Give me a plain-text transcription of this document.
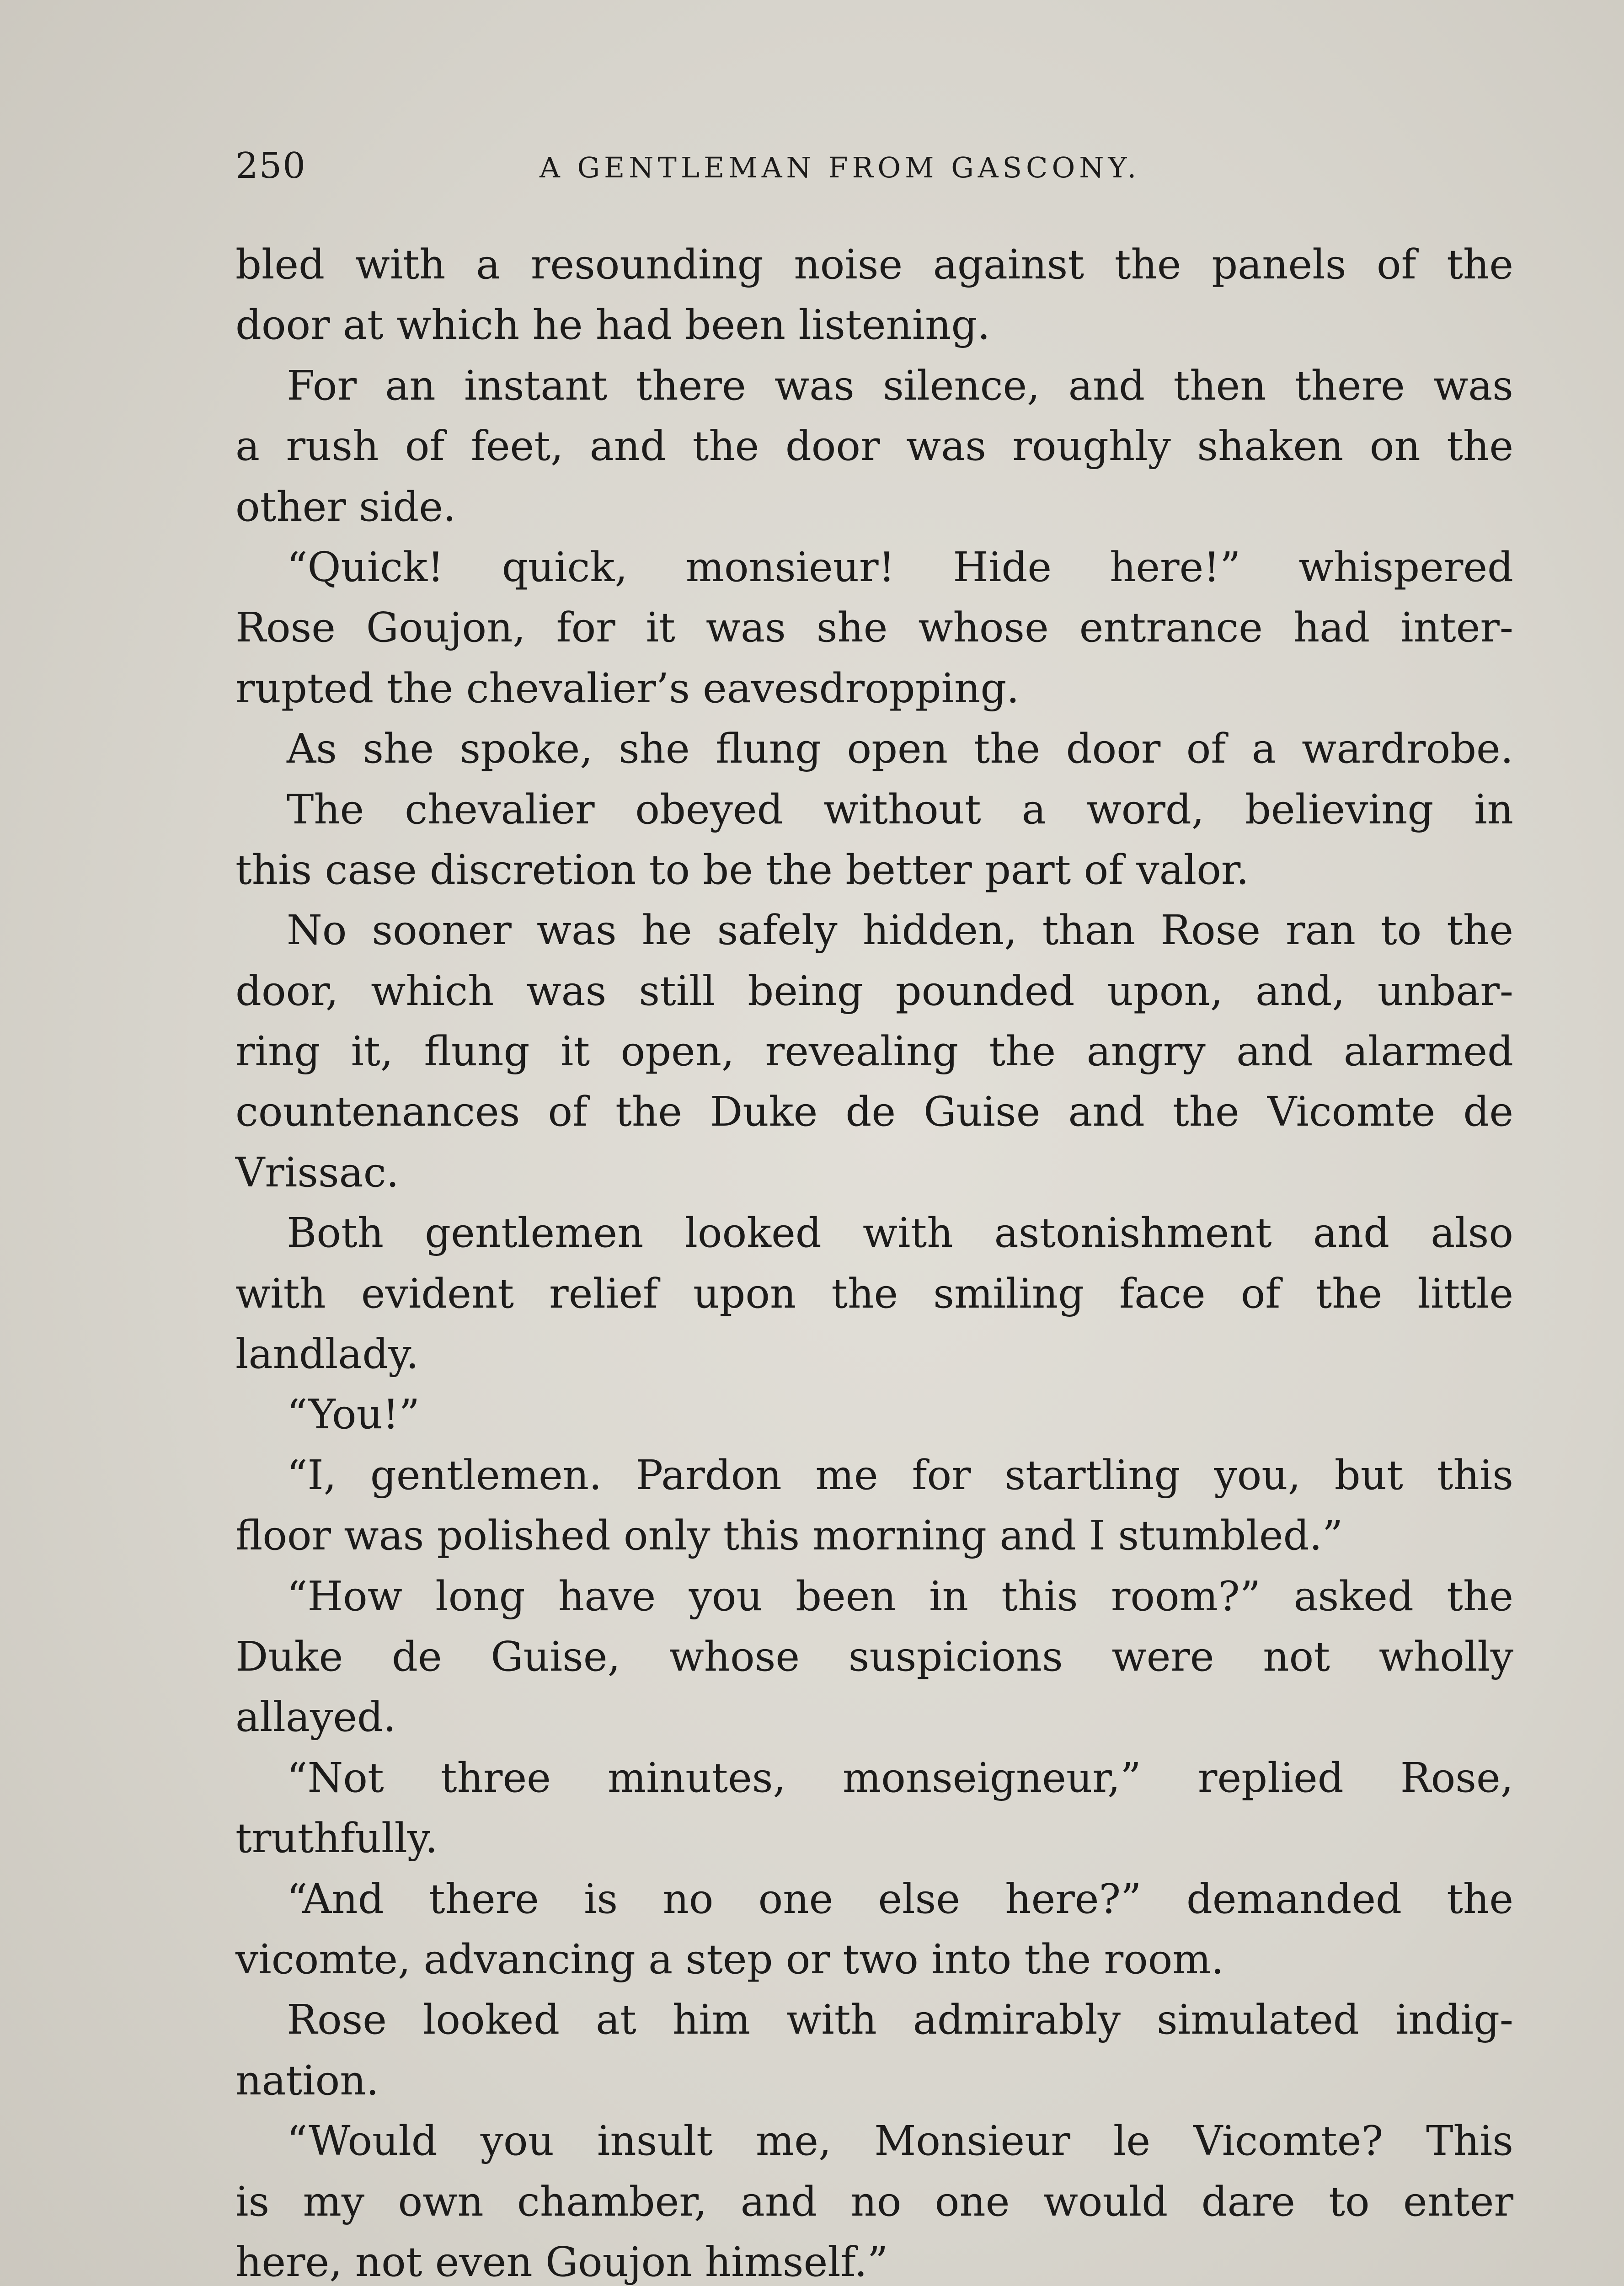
250	A GENTLEMAN FROM GASCONY.
bled with a resounding noise against the panels of the
door at which he had been listening.
For an instant there was silence, and then there was
a rush of feet, and the door was roughly shaken on the
other side.
“Quick! quick, monsieur! Hide here!” whispered
Rose Goujon, for it was she whose entrance had inter-
rupted the chevalier’s eavesdropping.
As she spoke, she flung open the door of a wardrobe.
The chevalier obeyed without a word, believing in
this case discretion to be the better part of valor.
No sooner was he safely hidden, than Rose ran to the
door, which was still being pounded upon, and, unbar-
ring it, flung it open, revealing the angry and alarmed
countenances of the Duke de Guise and the Vicomte de
Vrissac.
Both gentlemen looked with astonishment and also
with evident relief upon the smiling face of the little
landlady.
“You!”
“I, gentlemen. Pardon me for startling you, but this
floor was polished only this morning and I stumbled.”
“How long have you been in this room?” asked the
Duke de Guise, whose suspicions were not wholly
allayed.
“Not three minutes, monseigneur,” replied Rose,
truthfully.
“And there is no one else here?” demanded the
vicomte, advancing a step or two into the room.
Rose looked at him with admirably simulated indig-
nation.
“Would you insult me, Monsieur le Vicomte? This
is my own chamber, and no one would dare to enter
here, not even Goujon himself.”
